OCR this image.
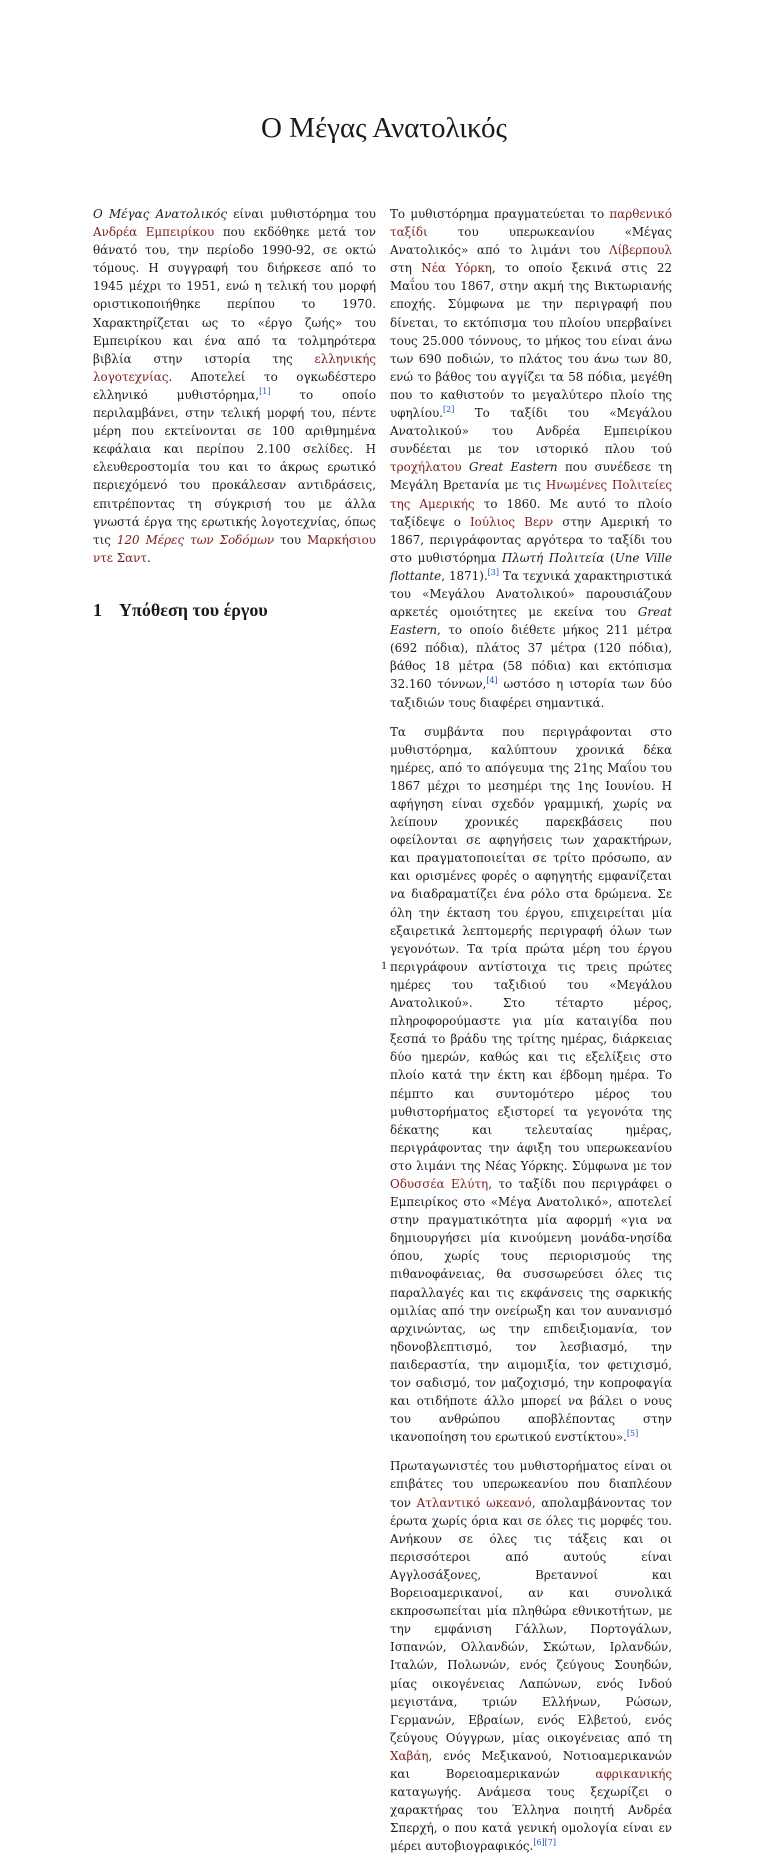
Ο Μέγας Ανατολικός

Ο Μέγας Ανατολικός είναι μυθιστόρημα του Ανδρέα Εμπειρίκου που εκδόθηκε μετά τον θάνατό του, την περίοδο 1990-92, σε οκτώ τόμους. Η συγγραφή του διήρκεσε από το 1945 μέχρι το 1951, ενώ η τελική του μορφή οριστικοποιήθηκε περίπου το 1970. Χαρακτηρίζεται ως το «έργο ζωής» του Εμπειρίκου και ένα από τα τολμηρότερα βιβλία στην ιστορία της ελληνικής λογοτεχνίας. Αποτελεί το ογκωδέστερο ελληνικό μυθιστόρημα,[1] το οποίο περιλαμβάνει, στην τελική μορφή του, πέντε μέρη που εκτείνονται σε 100 αριθμημένα κεφάλαια και περίπου 2.100 σελίδες. Η ελευθεροστομία του και το άκρως ερωτικό περιεχόμενό του προκάλεσαν αντιδράσεις, επιτρέποντας τη σύγκρισή του με άλλα γνωστά έργα της ερωτικής λογοτεχνίας, όπως τις 120 Μέρες των Σοδόμων του Μαρκήσιου ντε Σαντ.

1 Υπόθεση του έργου

Το μυθιστόρημα πραγματεύεται το παρθενικό ταξίδι του υπερωκεανίου «Μέγας Ανατολικός» από το λιμάνι του Λίβερπουλ στη Νέα Υόρκη, το οποίο ξεκινά στις 22 Μαΐου του 1867, στην ακμή της Βικτωριανής εποχής. Σύμφωνα με την περιγραφή που δίνεται, το εκτόπισμα του πλοίου υπερβαίνει τους 25.000 τόννους, το μήκος του είναι άνω των 690 ποδιών, το πλάτος του άνω των 80, ενώ το βάθος του αγγίζει τα 58 πόδια, μεγέθη που το καθιστούν το μεγαλύτερο πλοίο της υφηλίου.[2] Το ταξίδι του «Μεγάλου Ανατολικού» του Ανδρέα Εμπειρίκου συνδέεται με τον ιστορικό πλου τού τροχήλατου Great Eastern που συνέδεσε τη Μεγάλη Βρετανία με τις Ηνωμένες Πολιτείες της Αμερικής το 1860. Με αυτό το πλοίο ταξίδεψε ο Ιούλιος Βερν στην Αμερική το 1867, περιγράφοντας αργότερα το ταξίδι του στο μυθιστόρημα Πλωτή Πολιτεία (Une Ville flottante, 1871).[3] Τα τεχνικά χαρακτηριστικά του «Μεγάλου Ανατολικού» παρουσιάζουν αρκετές ομοιότητες με εκείνα του Great Eastern, το οποίο διέθετε μήκος 211 μέτρα (692 πόδια), πλάτος 37 μέτρα (120 πόδια), βάθος 18 μέτρα (58 πόδια) και εκτόπισμα 32.160 τόννων,[4] ωστόσο η ιστορία των δύο ταξιδιών τους διαφέρει σημαντικά.

Τα συμβάντα που περιγράφονται στο μυθιστόρημα, καλύπτουν χρονικά δέκα ημέρες, από το απόγευμα της 21ης Μαΐου του 1867 μέχρι το μεσημέρι της 1ης Ιουνίου. Η αφήγηση είναι σχεδόν γραμμική, χωρίς να λείπουν χρονικές παρεκβάσεις που οφείλονται σε αφηγήσεις των χαρακτήρων, και πραγματοποιείται σε τρίτο πρόσωπο, αν και ορισμένες φορές ο αφηγητής εμφανίζεται να διαδραματίζει ένα ρόλο στα δρώμενα. Σε όλη την έκταση του έργου, επιχειρείται μία εξαιρετικά λεπτομερής περιγραφή όλων των γεγονότων. Τα τρία πρώτα μέρη του έργου περιγράφουν αντίστοιχα τις τρεις πρώτες ημέρες του ταξιδιού του «Μεγάλου Ανατολικού». Στο τέταρτο μέρος, πληροφορούμαστε για μία καταιγίδα που ξεσπά το βράδυ της τρίτης ημέρας, διάρκειας δύο ημερών, καθώς και τις εξελίξεις στο πλοίο κατά την έκτη και έβδομη ημέρα. Το πέμπτο και συντομότερο μέρος του μυθιστορήματος εξιστορεί τα γεγονότα της δέκατης και τελευταίας ημέρας, περιγράφοντας την άφιξη του υπερωκεανίου στο λιμάνι της Νέας Υόρκης. Σύμφωνα με τον Οδυσσέα Ελύτη, το ταξίδι που περιγράφει ο Εμπειρίκος στο «Μέγα Ανατολικό», αποτελεί στην πραγματικότητα μία αφορμή «για να δημιουργήσει μία κινούμενη μονάδα-νησίδα όπου, χωρίς τους περιορισμούς της πιθανοφάνειας, θα συσσωρεύσει όλες τις παραλλαγές και τις εκφάνσεις της σαρκικής ομιλίας από την ονείρωξη και τον αυνανισμό αρχινώντας, ως την επιδειξιομανία, τον ηδονοβλεπτισμό, τον λεσβιασμό, την παιδεραστία, την αιμομιξία, τον φετιχισμό, τον σαδισμό, τον μαζοχισμό, την κοπροφαγία και οτιδήποτε άλλο μπορεί να βάλει ο νους του ανθρώπου αποβλέποντας στην ικανοποίηση του ερωτικού ενστίκτου».[5]

Πρωταγωνιστές του μυθιστορήματος είναι οι επιβάτες του υπερωκεανίου που διαπλέουν τον Ατλαντικό ωκεανό, απολαμβάνοντας τον έρωτα χωρίς όρια και σε όλες τις μορφές του. Ανήκουν σε όλες τις τάξεις και οι περισσότεροι από αυτούς είναι Αγγλοσάξονες, Βρεταννοί και Βορειοαμερικανοί, αν και συνολικά εκπροσωπείται μία πληθώρα εθνικοτήτων, με την εμφάνιση Γάλλων, Πορτογάλων, Ισπανών, Ολλανδών, Σκώτων, Ιρλανδών, Ιταλών, Πολωνών, ενός ζεύγους Σουηδών, μίας οικογένειας Λαπώνων, ενός Ινδού μεγιστάνα, τριών Ελλήνων, Ρώσων, Γερμανών, Εβραίων, ενός Ελβετού, ενός ζεύγους Ούγγρων, μίας οικογένειας από τη Χαβάη, ενός Μεξικανού, Νοτιοαμερικανών και Βορειοαμερικανών αφρικανικής καταγωγής. Ανάμεσα τους ξεχωρίζει ο χαρακτήρας του Έλληνα ποιητή Ανδρέα Σπερχή, ο που κατά γενική ομολογία είναι εν μέρει αυτοβιογραφικός.[6][7]

1
